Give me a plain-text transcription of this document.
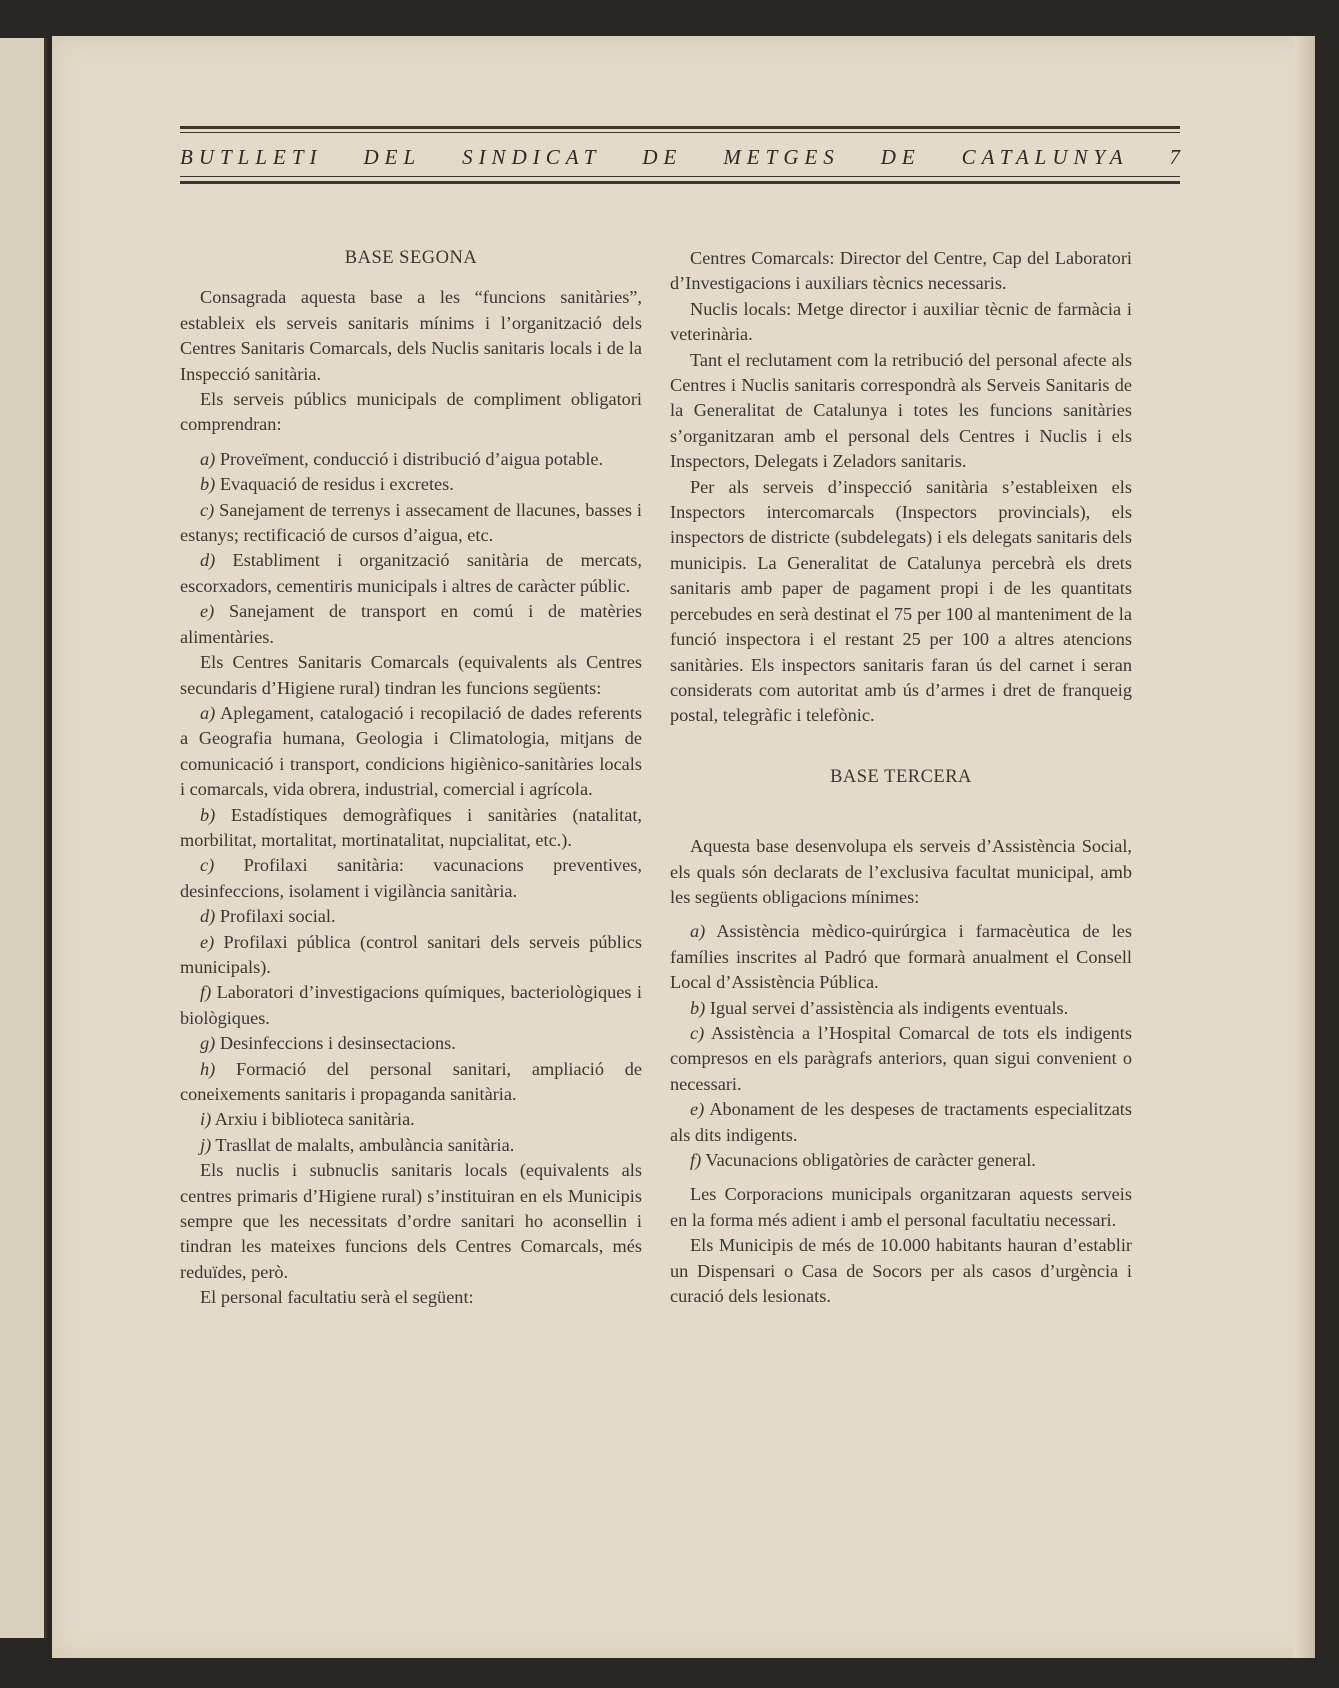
BUTLLETI DEL SINDICAT DE METGES DE CATALUNYA 7

BASE SEGONA

Consagrada aquesta base a les “funcions sanitàries”, estableix els serveis sanitaris mínims i l’organització dels Centres Sanitaris Comarcals, dels Nuclis sanitaris locals i de la Inspecció sanitària.

Els serveis públics municipals de compliment obligatori comprendran:

a) Proveïment, conducció i distribució d’aigua potable.

b) Evaquació de residus i excretes.

c) Sanejament de terrenys i assecament de llacunes, basses i estanys; rectificació de cursos d’aigua, etc.

d) Establiment i organització sanitària de mercats, escorxadors, cementiris municipals i altres de caràcter públic.

e) Sanejament de transport en comú i de matèries alimentàries.

Els Centres Sanitaris Comarcals (equivalents als Centres secundaris d’Higiene rural) tindran les funcions següents:

a) Aplegament, catalogació i recopilació de dades referents a Geografia humana, Geologia i Climatologia, mitjans de comunicació i transport, condicions higiènico-sanitàries locals i comarcals, vida obrera, industrial, comercial i agrícola.

b) Estadístiques demogràfiques i sanitàries (natalitat, morbilitat, mortalitat, mortinatalitat, nupcialitat, etc.).

c) Profilaxi sanitària: vacunacions preventives, desinfeccions, isolament i vigilància sanitària.

d) Profilaxi social.

e) Profilaxi pública (control sanitari dels serveis públics municipals).

f) Laboratori d’investigacions químiques, bacteriològiques i biològiques.

g) Desinfeccions i desinsectacions.

h) Formació del personal sanitari, ampliació de coneixements sanitaris i propaganda sanitària.

i) Arxiu i biblioteca sanitària.

j) Trasllat de malalts, ambulància sanitària.

Els nuclis i subnuclis sanitaris locals (equivalents als centres primaris d’Higiene rural) s’instituiran en els Municipis sempre que les necessitats d’ordre sanitari ho aconsellin i tindran les mateixes funcions dels Centres Comarcals, més reduïdes, però.

El personal facultatiu serà el següent:

Centres Comarcals: Director del Centre, Cap del Laboratori d’Investigacions i auxiliars tècnics necessaris.

Nuclis locals: Metge director i auxiliar tècnic de farmàcia i veterinària.

Tant el reclutament com la retribució del personal afecte als Centres i Nuclis sanitaris correspondrà als Serveis Sanitaris de la Generalitat de Catalunya i totes les funcions sanitàries s’organitzaran amb el personal dels Centres i Nuclis i els Inspectors, Delegats i Zeladors sanitaris.

Per als serveis d’inspecció sanitària s’estableixen els Inspectors intercomarcals (Inspectors provincials), els inspectors de districte (subdelegats) i els delegats sanitaris dels municipis. La Generalitat de Catalunya percebrà els drets sanitaris amb paper de pagament propi i de les quantitats percebudes en serà destinat el 75 per 100 al manteniment de la funció inspectora i el restant 25 per 100 a altres atencions sanitàries. Els inspectors sanitaris faran ús del carnet i seran considerats com autoritat amb ús d’armes i dret de franqueig postal, telegràfic i telefònic.

BASE TERCERA

Aquesta base desenvolupa els serveis d’Assistència Social, els quals són declarats de l’exclusiva facultat municipal, amb les següents obligacions mínimes:

a) Assistència mèdico-quirúrgica i farmacèutica de les famílies inscrites al Padró que formarà anualment el Consell Local d’Assistència Pública.

b) Igual servei d’assistència als indigents eventuals.

c) Assistència a l’Hospital Comarcal de tots els indigents compresos en els paràgrafs anteriors, quan sigui convenient o necessari.

e) Abonament de les despeses de tractaments especialitzats als dits indigents.

f) Vacunacions obligatòries de caràcter general.

Les Corporacions municipals organitzaran aquests serveis en la forma més adient i amb el personal facultatiu necessari.

Els Municipis de més de 10.000 habitants hauran d’establir un Dispensari o Casa de Socors per als casos d’urgència i curació dels lesionats.
